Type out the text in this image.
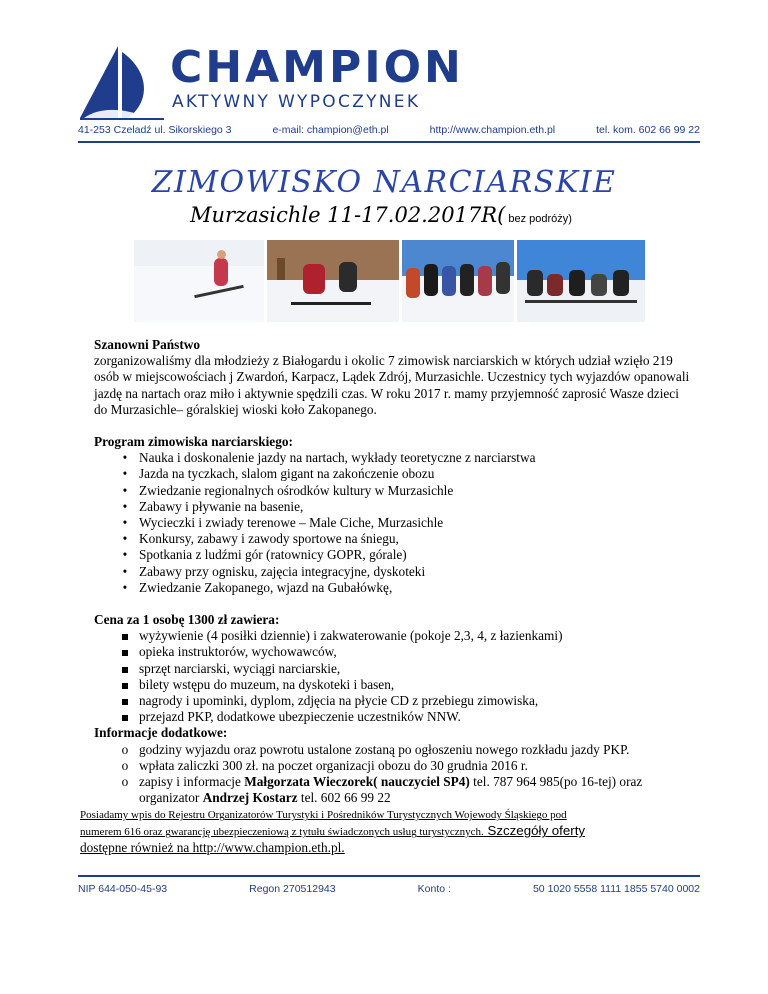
CHAMPION
AKTYWNY WYPOCZYNEK
41-253 Czeladź ul. Sikorskiego 3	e-mail: champion@eth.pl	http://www.champion.eth.pl	tel. kom. 602 66 99 22
ZIMOWISKO NARCIARSKIE
Murzasichle 11-17.02.2017R( bez podróży)

Szanowni Państwo

zorganizowaliśmy dla młodzieży z Białogardu i okolic 7 zimowisk narciarskich w których udział wzięło 219 osób w miejscowościach j Zwardoń, Karpacz, Lądek Zdrój, Murzasichle. Uczestnicy tych wyjazdów opanowali jazdę na nartach oraz miło i aktywnie spędzili czas. W roku 2017 r. mamy przyjemność zaprosić Wasze dzieci do Murzasichle– góralskiej wioski koło Zakopanego.

Program zimowiska narciarskiego:

• Nauka i doskonalenie jazdy na nartach, wykłady teoretyczne z narciarstwa
• Jazda na tyczkach, slalom gigant na zakończenie obozu
• Zwiedzanie regionalnych ośrodków kultury w Murzasichle
• Zabawy i pływanie na basenie,
• Wycieczki i zwiady terenowe – Male Ciche, Murzasichle
• Konkursy, zabawy i zawody sportowe na śniegu,
• Spotkania z ludźmi gór (ratownicy GOPR, górale)
• Zabawy przy ognisku, zajęcia integracyjne, dyskoteki
• Zwiedzanie Zakopanego, wjazd na Gubałówkę,

Cena za 1 osobę 1300 zł zawiera:

wyżywienie (4 posiłki dziennie) i zakwaterowanie (pokoje 2,3, 4, z łazienkami)
opieka instruktorów, wychowawców,
sprzęt narciarski, wyciągi narciarskie,
bilety wstępu do muzeum, na dyskoteki i basen,
nagrody i upominki, dyplom, zdjęcia na płycie CD z przebiegu zimowiska,
przejazd PKP, dodatkowe ubezpieczenie uczestników NNW.

Informacje dodatkowe:

o godziny wyjazdu oraz powrotu ustalone zostaną po ogłoszeniu nowego rozkładu jazdy PKP.
o wpłata zaliczki 300 zł. na poczet organizacji obozu do 30 grudnia 2016 r.
o zapisy i informacje Małgorzata Wieczorek( nauczyciel SP4) tel. 787 964 985(po 16-tej) oraz
organizator Andrzej Kostarz tel. 602 66 99 22
Posiadamy wpis do Rejestru Organizatorów Turystyki i Pośredników Turystycznych Wojewody Śląskiego pod
numerem 616 oraz gwarancję ubezpieczeniową z tytułu świadczonych usług turystycznych. Szczegóły oferty
dostępne również na http://www.champion.eth.pl.
NIP 644-050-45-93	Regon 270512943	Konto :	50 1020 5558 1111 1855 5740 0002
